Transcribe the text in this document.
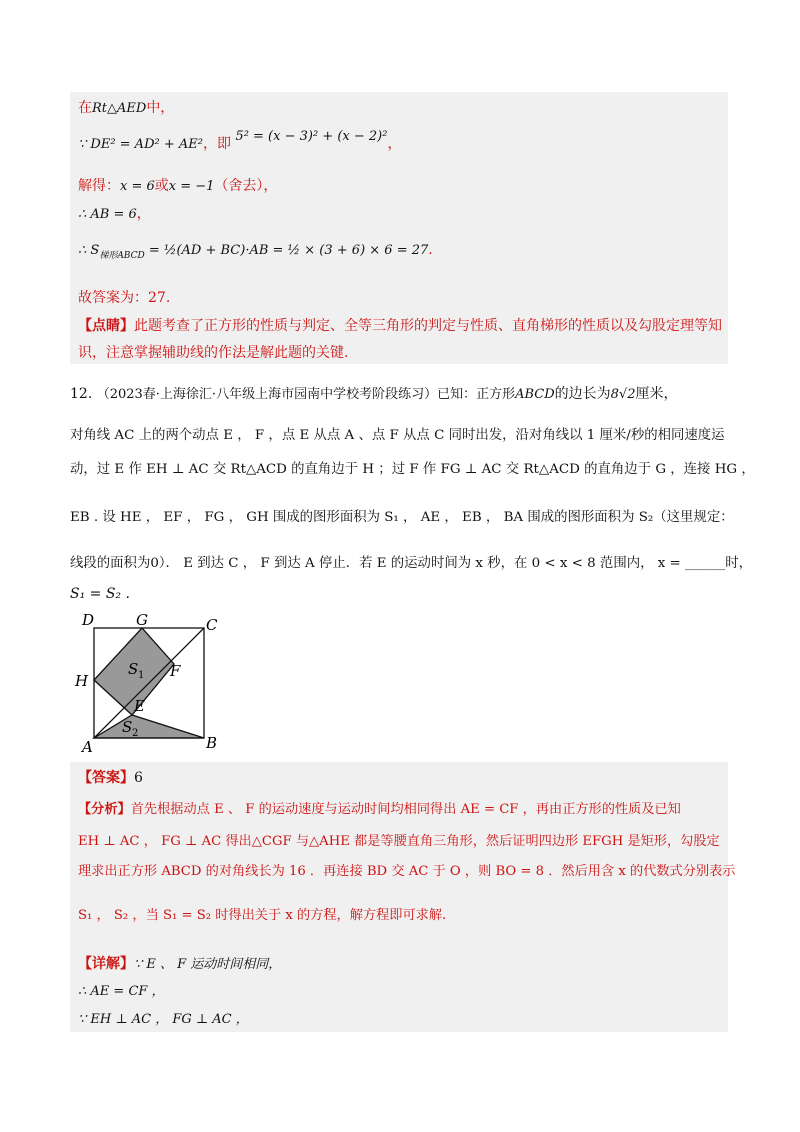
在Rt△AED中，
∵ DE² = AD² + AE²，即 5² = (x − 3)² + (x − 2)²，
解得：x = 6或x = −1（舍去），
∴ AB = 6，
∴ $S_{梯形ABCD}$ = ½(AD + BC)·AB = ½ × (3 + 6) × 6 = 27.
故答案为：27.
【点睛】此题考查了正方形的性质与判定、全等三角形的判定与性质、直角梯形的性质以及勾股定理等知
识，注意掌握辅助线的作法是解此题的关键.
12. （2023春·上海徐汇·八年级上海市园南中学校考阶段练习）已知：正方形ABCD的边长为8√2厘米，
对角线 AC 上的两个动点 E ， F ，点 E 从点 A 、点 F 从点 C 同时出发，沿对角线以 1 厘米/秒的相同速度运
动，过 E 作 EH ⊥ AC 交 Rt△ACD 的直角边于 H ；过 F 作 FG ⊥ AC 交 Rt△ACD 的直角边于 G ，连接 HG ，
EB . 设 HE ， EF ， FG ， GH 围成的图形面积为 S₁ ， AE ， EB ， BA 围成的图形面积为 S₂（这里规定：
线段的面积为0）． E 到达 C ， F 到达 A 停止．若 E 的运动时间为 x 秒，在 0 < x < 8 范围内， x = ______时，
S₁ = S₂ .
D	G	C
H
F
E
A	B
S 1
S 2
【答案】6
【分析】首先根据动点 E 、 F 的运动速度与运动时间均相同得出 AE = CF ，再由正方形的性质及已知
EH ⊥ AC ， FG ⊥ AC 得出△CGF 与△AHE 都是等腰直角三角形，然后证明四边形 EFGH 是矩形，勾股定
理求出正方形 ABCD 的对角线长为 16 ．再连接 BD 交 AC 于 O ，则 BO = 8 ．然后用含 x 的代数式分别表示
S₁ ， S₂ ，当 S₁ = S₂ 时得出关于 x 的方程，解方程即可求解.
【详解】∵ E 、 F 运动时间相同，
∴ AE = CF ，
∵ EH ⊥ AC ， FG ⊥ AC ，
